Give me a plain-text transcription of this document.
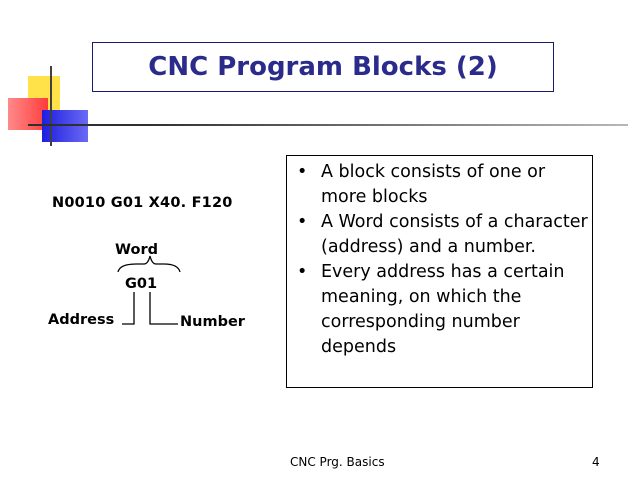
CNC Program Blocks (2)
N0010 G01 X40. F120
Word
G01
Address	Number
• A block consists of one or more blocks
• A Word consists of a character (address) and a number.
• Every address has a certain meaning, on which the corresponding number depends
CNC Prg. Basics	4
